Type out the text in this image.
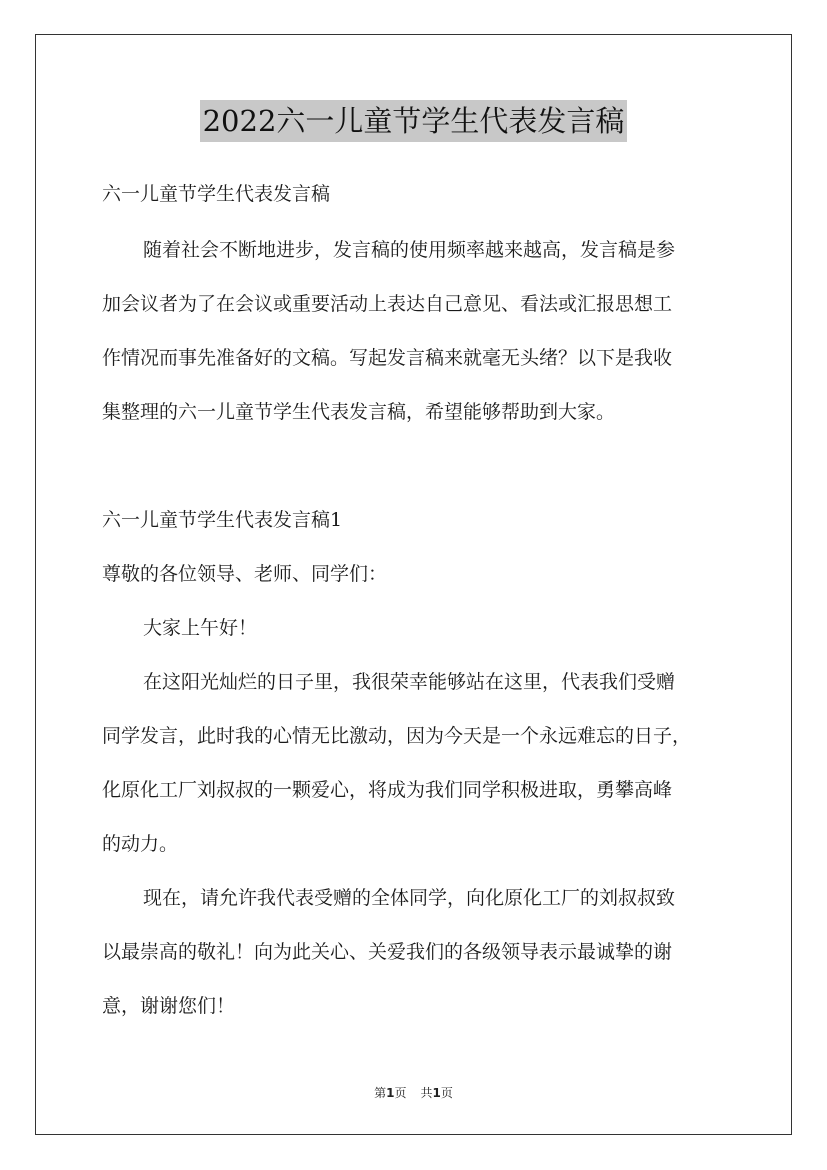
2022六一儿童节学生代表发言稿
六一儿童节学生代表发言稿
随着社会不断地进步，发言稿的使用频率越来越高，发言稿是参
加会议者为了在会议或重要活动上表达自己意见、看法或汇报思想工
作情况而事先准备好的文稿。写起发言稿来就毫无头绪？以下是我收
集整理的六一儿童节学生代表发言稿，希望能够帮助到大家。
六一儿童节学生代表发言稿1
尊敬的各位领导、老师、同学们：
大家上午好！
在这阳光灿烂的日子里，我很荣幸能够站在这里，代表我们受赠
同学发言，此时我的心情无比激动，因为今天是一个永远难忘的日子，
化原化工厂刘叔叔的一颗爱心，将成为我们同学积极进取，勇攀高峰
的动力。
现在，请允许我代表受赠的全体同学，向化原化工厂的刘叔叔致
以最崇高的敬礼！向为此关心、关爱我们的各级领导表示最诚挚的谢
意，谢谢您们！
第1页 共1页
